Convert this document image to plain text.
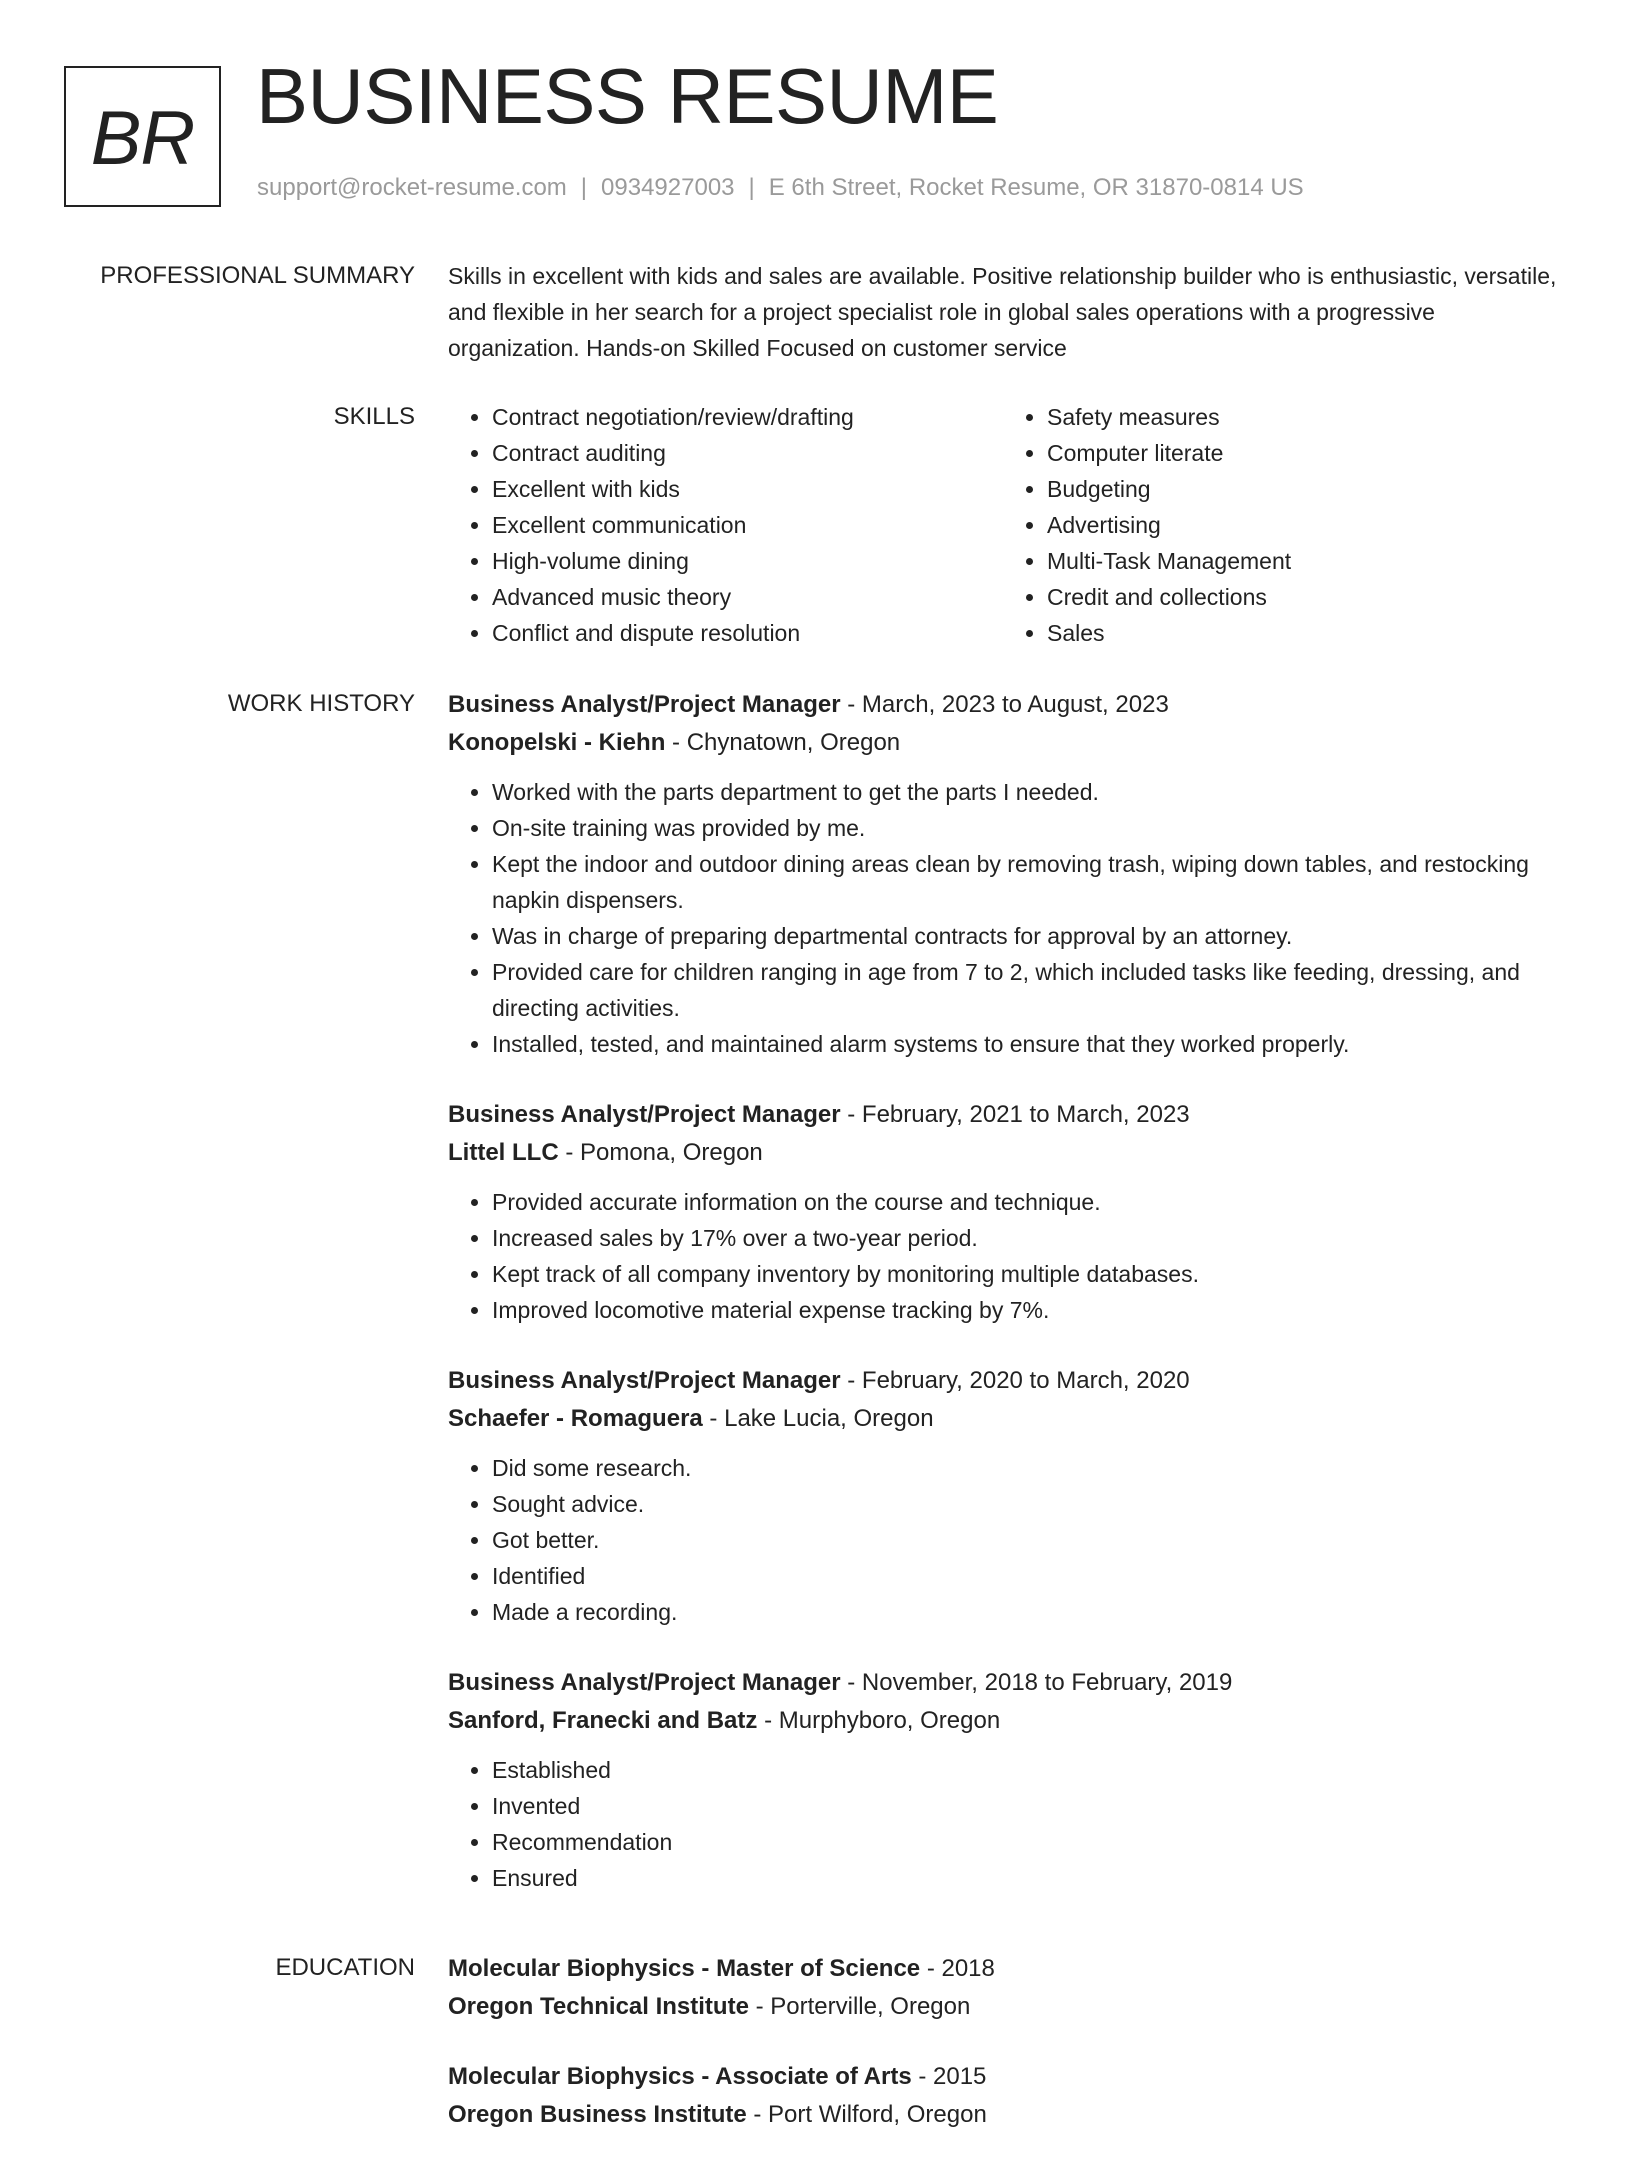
BR BUSINESS RESUME
support@rocket-resume.com | 0934927003 | E 6th Street, Rocket Resume, OR 31870-0814 US
PROFESSIONAL SUMMARY Skills in excellent with kids and sales are available. Positive relationship builder who is enthusiastic, versatile, and flexible in her search for a project specialist role in global sales operations with a progressive organization. Hands-on Skilled Focused on customer service

SKILLS
•	Contract negotiation/review/drafting
• Contract auditing
• Excellent with kids
• Excellent communication
• High-volume dining
• Advanced music theory
• Conflict and dispute resolution
• Safety measures
• Computer literate
• Budgeting
• Advertising
• Multi-Task Management
• Credit and collections
• Sales
WORK HISTORY Business Analyst/Project Manager - March, 2023 to August, 2023
Konopelski - Kiehn - Chynatown, Oregon
• Worked with the parts department to get the parts I needed.
• On-site training was provided by me.
• Kept the indoor and outdoor dining areas clean by removing trash, wiping down tables, and restocking napkin dispensers.
• Was in charge of preparing departmental contracts for approval by an attorney.
• Provided care for children ranging in age from 7 to 2, which included tasks like feeding, dressing, and directing activities.
• Installed, tested, and maintained alarm systems to ensure that they worked properly.
Business Analyst/Project Manager - February, 2021 to March, 2023
Littel LLC - Pomona, Oregon
• Provided accurate information on the course and technique.
• Increased sales by 17% over a two-year period.
• Kept track of all company inventory by monitoring multiple databases.
• Improved locomotive material expense tracking by 7%.
Business Analyst/Project Manager - February, 2020 to March, 2020
Schaefer - Romaguera - Lake Lucia, Oregon
• Did some research.
• Sought advice.
• Got better.
• Identified
• Made a recording.
Business Analyst/Project Manager - November, 2018 to February, 2019
Sanford, Franecki and Batz - Murphyboro, Oregon
• Established
• Invented
• Recommendation
• Ensured
EDUCATION Molecular Biophysics - Master of Science - 2018
Oregon Technical Institute - Porterville, Oregon
Molecular Biophysics - Associate of Arts - 2015
Oregon Business Institute - Port Wilford, Oregon
